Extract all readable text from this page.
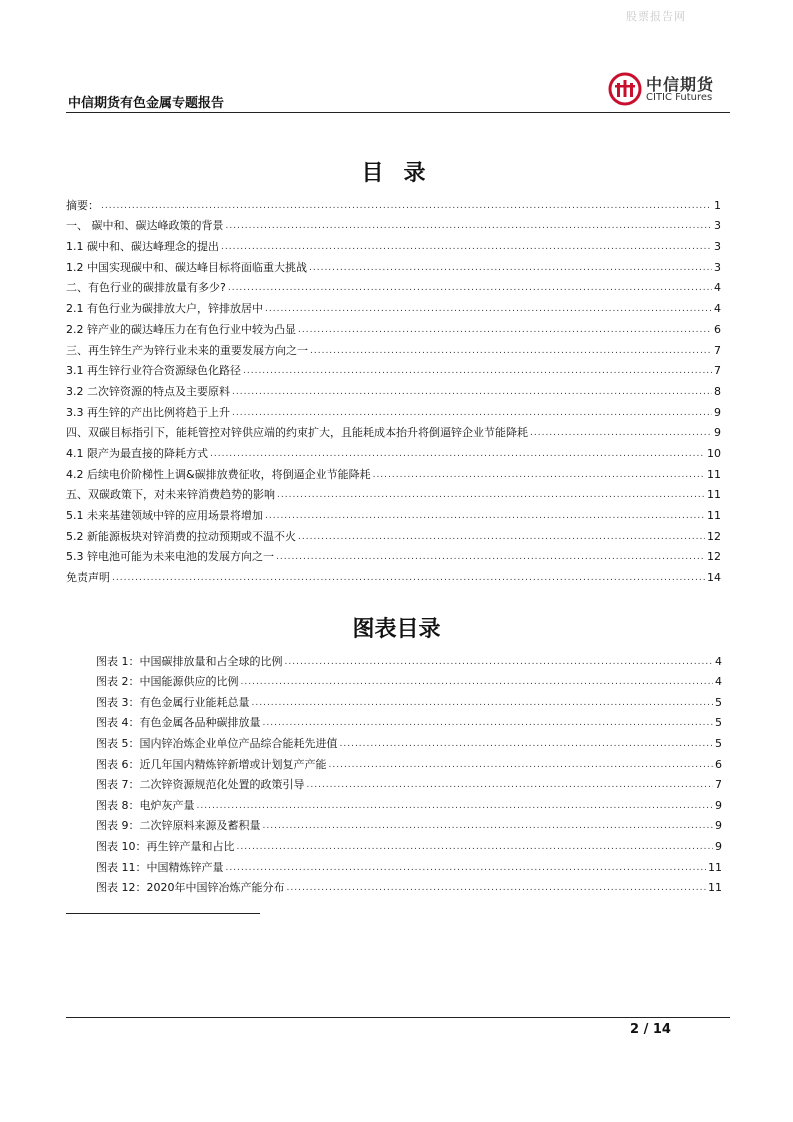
股票报告网
中信期货有色金属专题报告
中信期货
CITIC Futures
目录
摘要： .....	1
一、 碳中和、碳达峰政策的背景 .....	3
1.1 碳中和、碳达峰理念的提出 .....	3
1.2 中国实现碳中和、碳达峰目标将面临重大挑战 .....	3
二、有色行业的碳排放量有多少? .....	4
2.1 有色行业为碳排放大户，锌排放居中 .....	4
2.2 锌产业的碳达峰压力在有色行业中较为凸显 .....	6
三、再生锌生产为锌行业未来的重要发展方向之一 .....	7
3.1 再生锌行业符合资源绿色化路径 .....	7
3.2 二次锌资源的特点及主要原料 .....	8
3.3 再生锌的产出比例将趋于上升 .....	9
四、双碳目标指引下，能耗管控对锌供应端的约束扩大，且能耗成本抬升将倒逼锌企业节能降耗 .....	9
4.1 限产为最直接的降耗方式 .....	10
4.2 后续电价阶梯性上调&碳排放费征收，将倒逼企业节能降耗 .....	11
五、双碳政策下，对未来锌消费趋势的影响 .....	11
5.1 未来基建领域中锌的应用场景将增加 .....	11
5.2 新能源板块对锌消费的拉动预期或不温不火 .....	12
5.3 锌电池可能为未来电池的发展方向之一 .....	12
免责声明 .....	14
图表目录
图表 1：中国碳排放量和占全球的比例 .....	4
图表 2：中国能源供应的比例 .....	4
图表 3：有色金属行业能耗总量 .....	5
图表 4：有色金属各品种碳排放量 .....	5
图表 5：国内锌冶炼企业单位产品综合能耗先进值 .....	5
图表 6：近几年国内精炼锌新增或计划复产产能 .....	6
图表 7：二次锌资源规范化处置的政策引导 .....	7
图表 8：电炉灰产量 .....	9
图表 9：二次锌原料来源及蓄积量 .....	9
图表 10：再生锌产量和占比 .....	9
图表 11：中国精炼锌产量 .....	11
图表 12：2020年中国锌冶炼产能分布 .....	11
2 / 14
